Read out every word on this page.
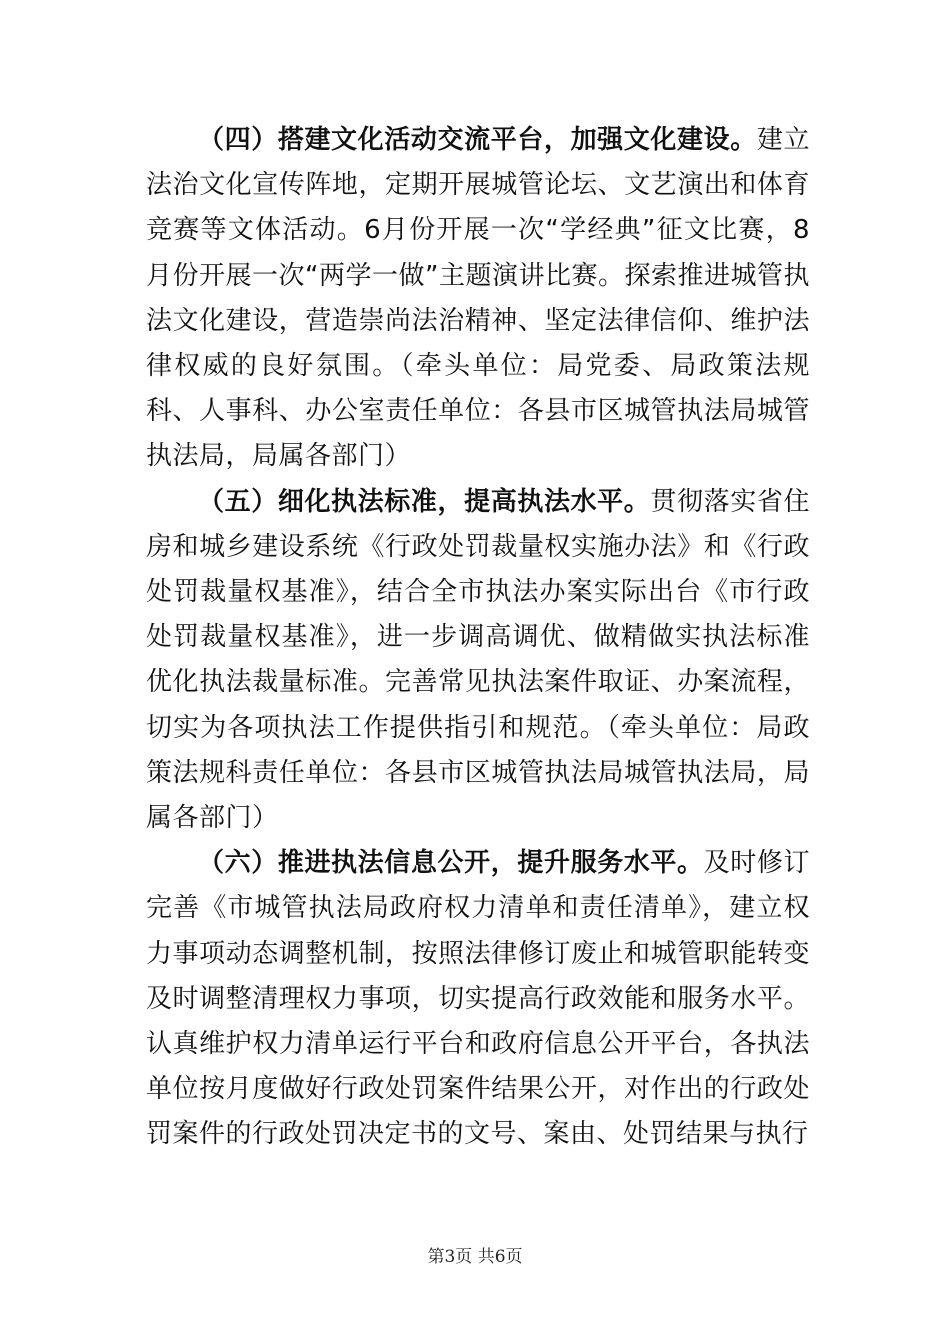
（四）搭建文化活动交流平台，加强文化建设。建立法治文化宣传阵地，定期开展城管论坛、文艺演出和体育竞赛等文体活动。6月份开展一次“学经典”征文比赛，8月份开展一次“两学一做”主题演讲比赛。探索推进城管执法文化建设，营造崇尚法治精神、坚定法律信仰、维护法律权威的良好氛围。（牵头单位：局党委、局政策法规科、人事科、办公室责任单位：各县市区城管执法局城管执法局，局属各部门）

（五）细化执法标准，提高执法水平。贯彻落实省住房和城乡建设系统《行政处罚裁量权实施办法》和《行政处罚裁量权基准》，结合全市执法办案实际出台《市行政处罚裁量权基准》，进一步调高调优、做精做实执法标准优化执法裁量标准。完善常见执法案件取证、办案流程，切实为各项执法工作提供指引和规范。（牵头单位：局政策法规科责任单位：各县市区城管执法局城管执法局，局属各部门）

（六）推进执法信息公开，提升服务水平。及时修订完善《市城管执法局政府权力清单和责任清单》，建立权力事项动态调整机制，按照法律修订废止和城管职能转变及时调整清理权力事项，切实提高行政效能和服务水平。认真维护权力清单运行平台和政府信息公开平台，各执法单位按月度做好行政处罚案件结果公开，对作出的行政处罚案件的行政处罚决定书的文号、案由、处罚结果与执行

第3页 共6页
